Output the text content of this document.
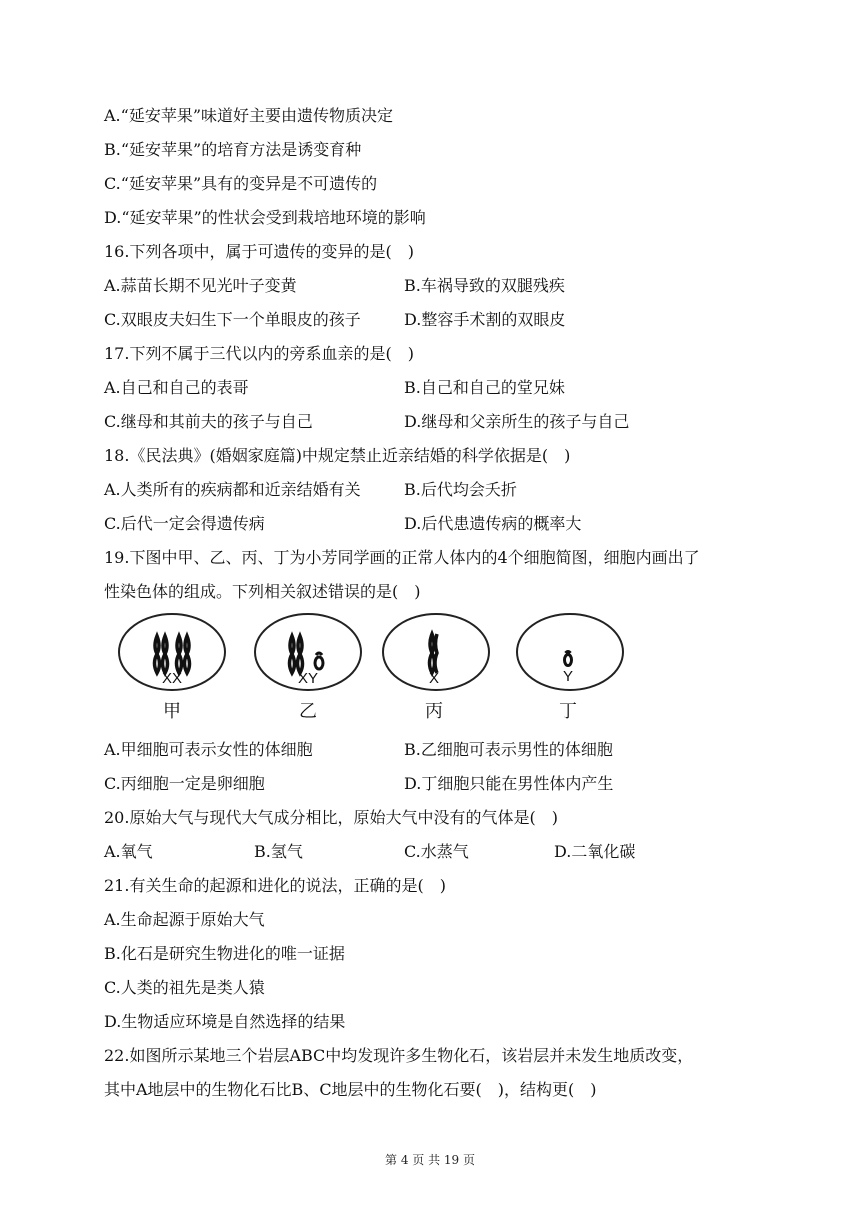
A.“延安苹果”味道好主要由遗传物质决定
B.“延安苹果”的培育方法是诱变育种
C.“延安苹果”具有的变异是不可遗传的
D.“延安苹果”的性状会受到栽培地环境的影响
16.下列各项中，属于可遗传的变异的是(　)
A.蒜苗长期不见光叶子变黄	B.车祸导致的双腿残疾
C.双眼皮夫妇生下一个单眼皮的孩子	D.整容手术割的双眼皮
17.下列不属于三代以内的旁系血亲的是(　)
A.自己和自己的表哥	B.自己和自己的堂兄妹
C.继母和其前夫的孩子与自己	D.继母和父亲所生的孩子与自己
18.《民法典》(婚姻家庭篇)中规定禁止近亲结婚的科学依据是(　)
A.人类所有的疾病都和近亲结婚有关	B.后代均会夭折
C.后代一定会得遗传病	D.后代患遗传病的概率大
19.下图中甲、乙、丙、丁为小芳同学画的正常人体内的4个细胞简图，细胞内画出了
性染色体的组成。下列相关叙述错误的是(　)
XX
甲
XY
乙
X
丙
Y
丁
A.甲细胞可表示女性的体细胞	B.乙细胞可表示男性的体细胞
C.丙细胞一定是卵细胞	D.丁细胞只能在男性体内产生
20.原始大气与现代大气成分相比，原始大气中没有的气体是(　)
A.氧气	B.氢气	C.水蒸气	D.二氧化碳
21.有关生命的起源和进化的说法，正确的是(　)
A.生命起源于原始大气
B.化石是研究生物进化的唯一证据
C.人类的祖先是类人猿
D.生物适应环境是自然选择的结果
22.如图所示某地三个岩层ABC中均发现许多生物化石，该岩层并未发生地质改变，
其中A地层中的生物化石比B、C地层中的生物化石要(　)，结构更(　)
第 4 页 共 19 页
